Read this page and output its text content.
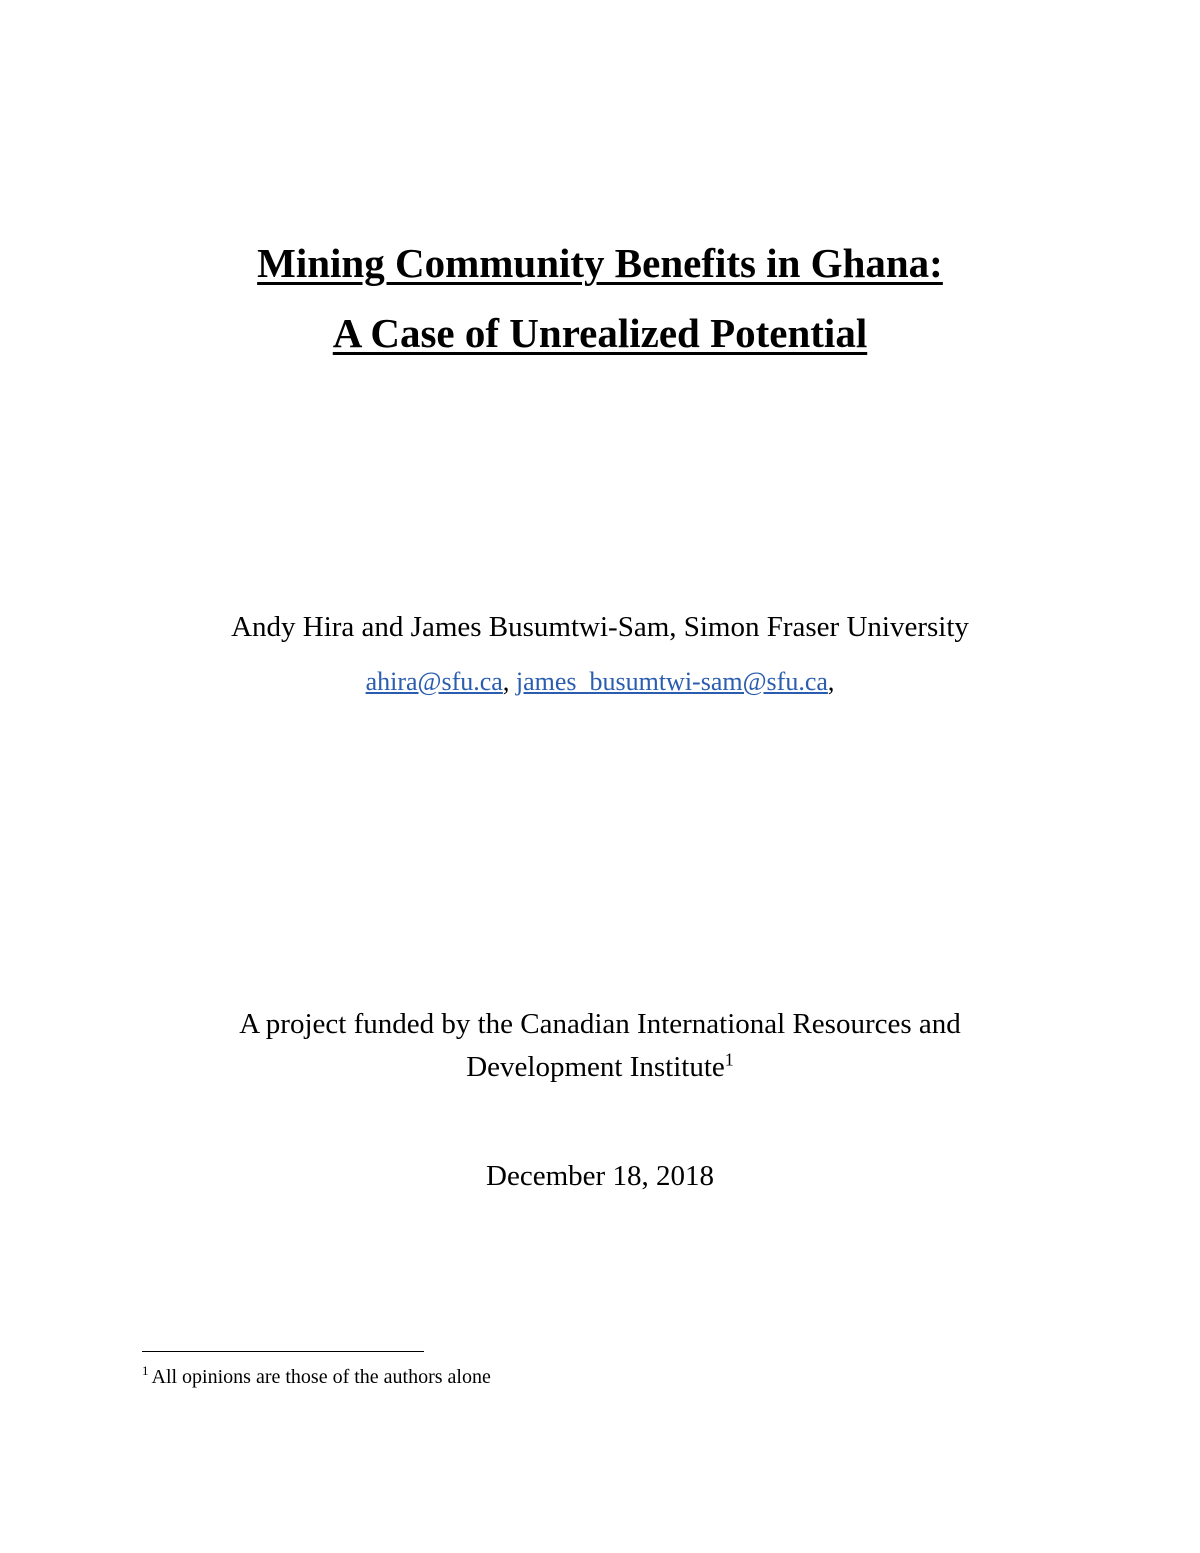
Mining Community Benefits in Ghana:
A Case of Unrealized Potential
Andy Hira and James Busumtwi-Sam, Simon Fraser University
ahira@sfu.ca, james_busumtwi-sam@sfu.ca,
A project funded by the Canadian International Resources and
Development Institute$^1$
December 18, 2018
$^1$ All opinions are those of the authors alone
